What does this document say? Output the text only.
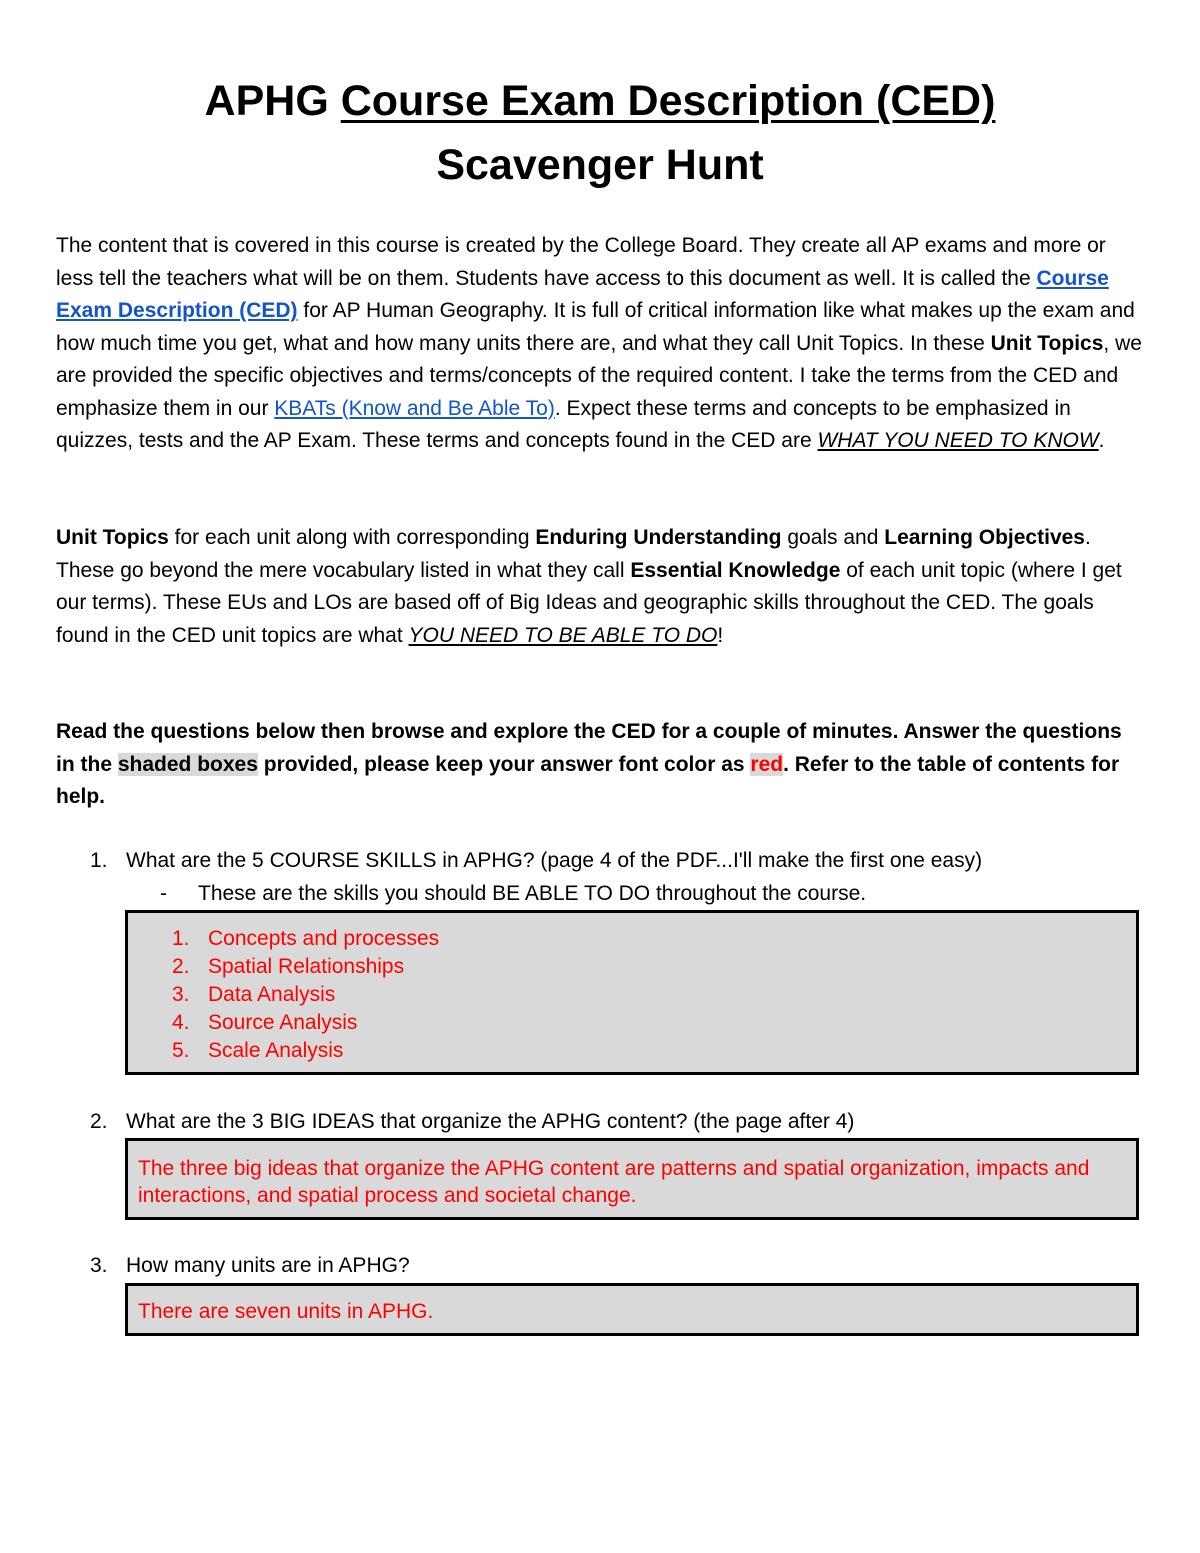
APHG Course Exam Description (CED)
Scavenger Hunt
The content that is covered in this course is created by the College Board. They create all AP exams and more or less tell the teachers what will be on them. Students have access to this document as well. It is called the Course Exam Description (CED) for AP Human Geography. It is full of critical information like what makes up the exam and how much time you get, what and how many units there are, and what they call Unit Topics. In these Unit Topics, we are provided the specific objectives and terms/concepts of the required content. I take the terms from the CED and emphasize them in our KBATs (Know and Be Able To). Expect these terms and concepts to be emphasized in quizzes, tests and the AP Exam. These terms and concepts found in the CED are WHAT YOU NEED TO KNOW.
Unit Topics for each unit along with corresponding Enduring Understanding goals and Learning Objectives. These go beyond the mere vocabulary listed in what they call Essential Knowledge of each unit topic (where I get our terms). These EUs and LOs are based off of Big Ideas and geographic skills throughout the CED. The goals found in the CED unit topics are what YOU NEED TO BE ABLE TO DO!
Read the questions below then browse and explore the CED for a couple of minutes. Answer the questions in the shaded boxes provided, please keep your answer font color as red. Refer to the table of contents for help.
1. What are the 5 COURSE SKILLS in APHG? (page 4 of the PDF...I'll make the first one easy)
- These are the skills you should BE ABLE TO DO throughout the course.
1. Concepts and processes
2. Spatial Relationships
3. Data Analysis
4. Source Analysis
5. Scale Analysis
2. What are the 3 BIG IDEAS that organize the APHG content? (the page after 4)
The three big ideas that organize the APHG content are patterns and spatial organization, impacts and interactions, and spatial process and societal change.
3. How many units are in APHG?
There are seven units in APHG.
